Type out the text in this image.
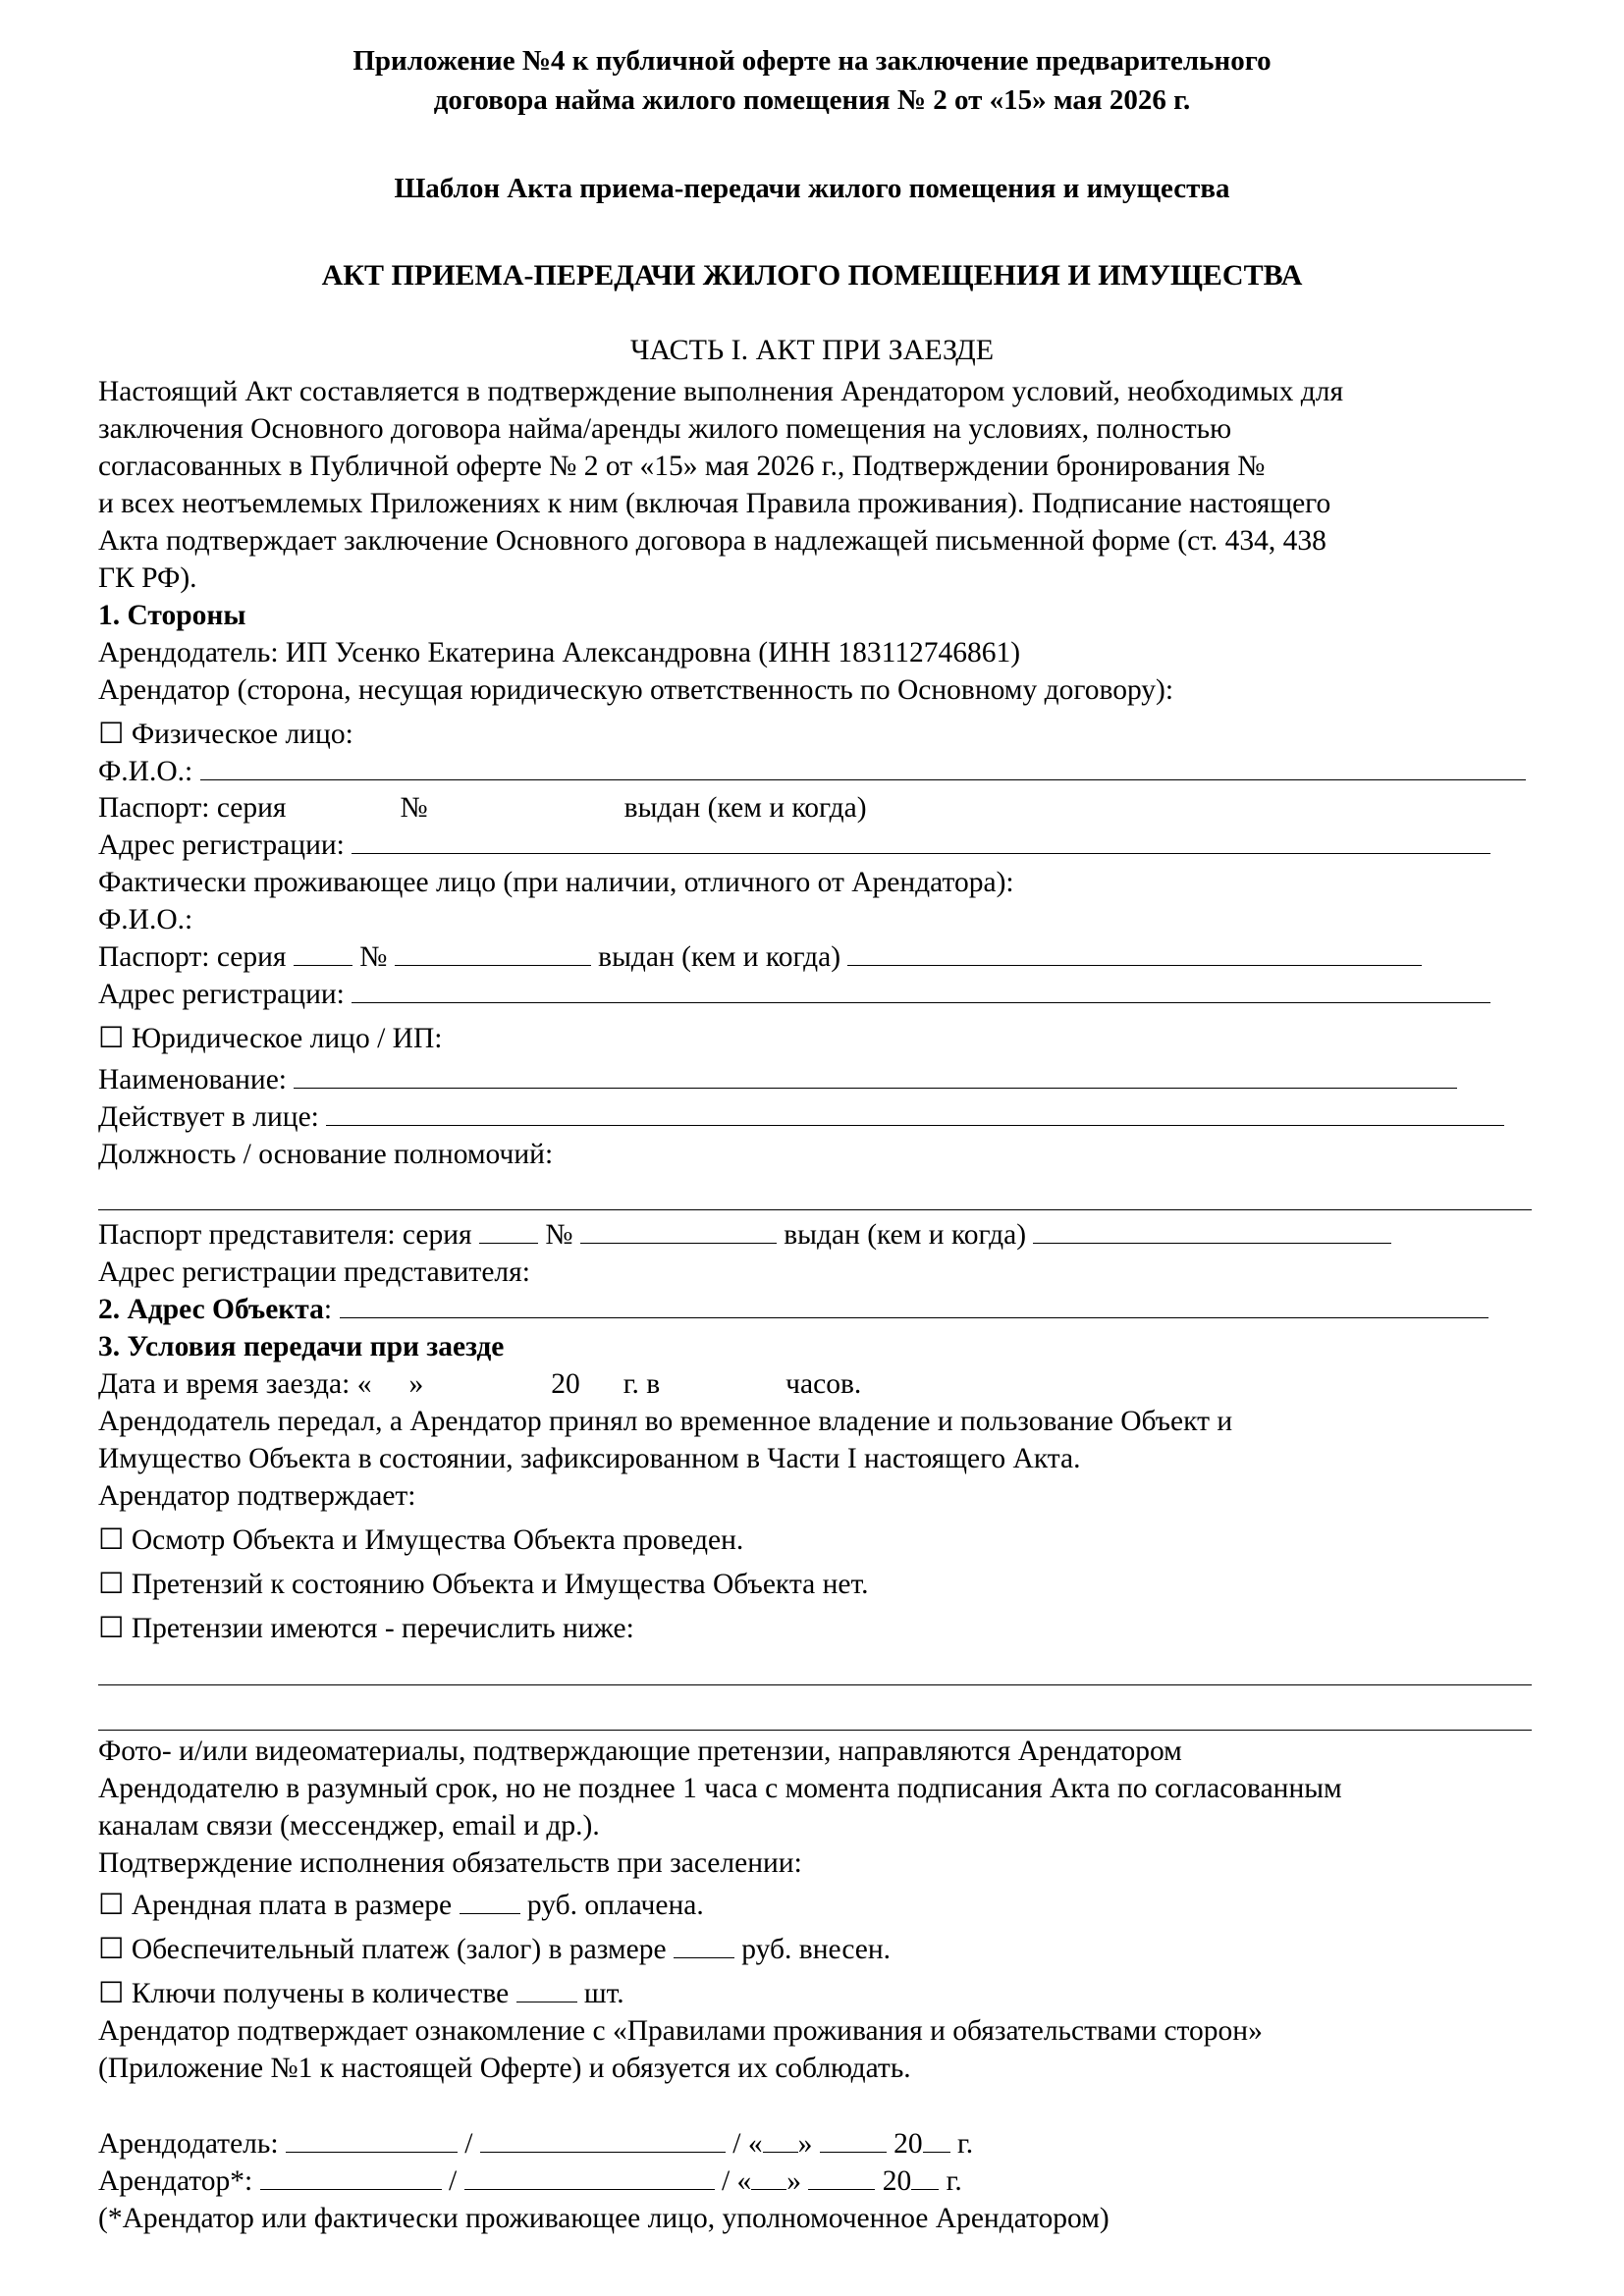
Приложение №4 к публичной оферте на заключение предварительного
договора найма жилого помещения № 2 от «15» мая 2026 г.
Шаблон Акта приема-передачи жилого помещения и имущества
АКТ ПРИЕМА-ПЕРЕДАЧИ ЖИЛОГО ПОМЕЩЕНИЯ И ИМУЩЕСТВА
ЧАСТЬ I. АКТ ПРИ ЗАЕЗДЕ
Настоящий Акт составляется в подтверждение выполнения Арендатором условий, необходимых для
заключения Основного договора найма/аренды жилого помещения на условиях, полностью
согласованных в Публичной оферте № 2 от «15» мая 2026 г., Подтверждении бронирования №
и всех неотъемлемых Приложениях к ним (включая Правила проживания). Подписание настоящего
Акта подтверждает заключение Основного договора в надлежащей письменной форме (ст. 434, 438
ГК РФ).
1. Стороны
Арендодатель: ИП Усенко Екатерина Александровна (ИНН 183112746861)
Арендатор (сторона, несущая юридическую ответственность по Основному договору):
☐ Физическое лицо:
Ф.И.О.:
Паспорт: серия	№	выдан (кем и когда)
Адрес регистрации:
Фактически проживающее лицо (при наличии, отличного от Арендатора):
Ф.И.О.:
Паспорт: серия	№	выдан (кем и когда)
Адрес регистрации:
☐ Юридическое лицо / ИП:
Наименование:
Действует в лице:
Должность / основание полномочий:
Паспорт представителя: серия	№	выдан (кем и когда)
Адрес регистрации представителя:
2. Адрес Объекта:
3. Условия передачи при заезде
Дата и время заезда: « »	20 г. в	часов.
Арендодатель передал, а Арендатор принял во временное владение и пользование Объект и
Имущество Объекта в состоянии, зафиксированном в Части I настоящего Акта.
Арендатор подтверждает:
☐ Осмотр Объекта и Имущества Объекта проведен.
☐ Претензий к состоянию Объекта и Имущества Объекта нет.
☐ Претензии имеются - перечислить ниже:
Фото- и/или видеоматериалы, подтверждающие претензии, направляются Арендатором
Арендодателю в разумный срок, но не позднее 1 часа с момента подписания Акта по согласованным
каналам связи (мессенджер, email и др.).
Подтверждение исполнения обязательств при заселении:
☐ Арендная плата в размере	руб. оплачена.
☐ Обеспечительный платеж (залог) в размере	руб. внесен.
☐ Ключи получены в количестве	шт.
Арендатор подтверждает ознакомление с «Правилами проживания и обязательствами сторон»
(Приложение №1 к настоящей Оферте) и обязуется их соблюдать.
Арендодатель:	/	/ « »	20 г.
Арендатор*:	/	/ « »	20 г.
(*Арендатор или фактически проживающее лицо, уполномоченное Арендатором)
